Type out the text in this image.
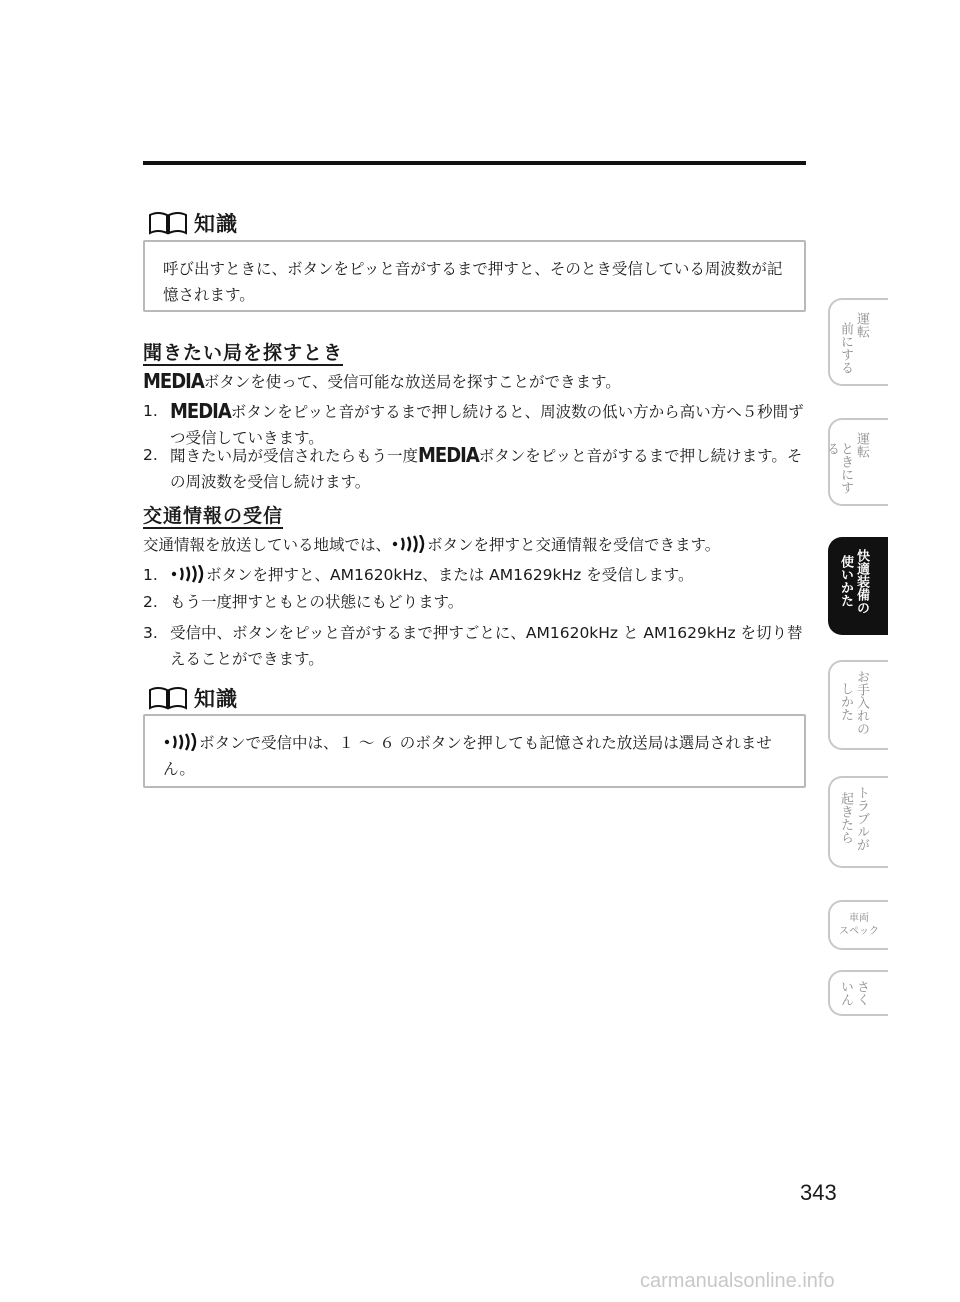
知識
呼び出すときに、ボタンをピッと音がするまで押すと、そのとき受信している周波数が記憶されます。
聞きたい局を探すとき
MEDIAボタンを使って、受信可能な放送局を探すことができます。
1. MEDIAボタンをピッと音がするまで押し続けると、周波数の低い方から高い方へ５秒間ずつ受信していきます。
2. 聞きたい局が受信されたらもう一度MEDIAボタンをピッと音がするまで押し続けます。その周波数を受信し続けます。
交通情報の受信
交通情報を放送している地域では、 ボタンを押すと交通情報を受信できます。
1.	ボタンを押すと、AM1620kHz、または AM1629kHz を受信します。
2. もう一度押すともとの状態にもどります。
3. 受信中、ボタンをピッと音がするまで押すごとに、AM1620kHz と AM1629kHz を切り替えることができます。
知識
ボタンで受信中は、１ 〜 ６ のボタンを押しても記憶された放送局は選局されません。
運転
前にする
運転
ときにする
快適装備の
使いかた
お手入れの
しかた
トラブルが
起きたら
車両
スペック
さく
いん
343
carmanualsonline.info
